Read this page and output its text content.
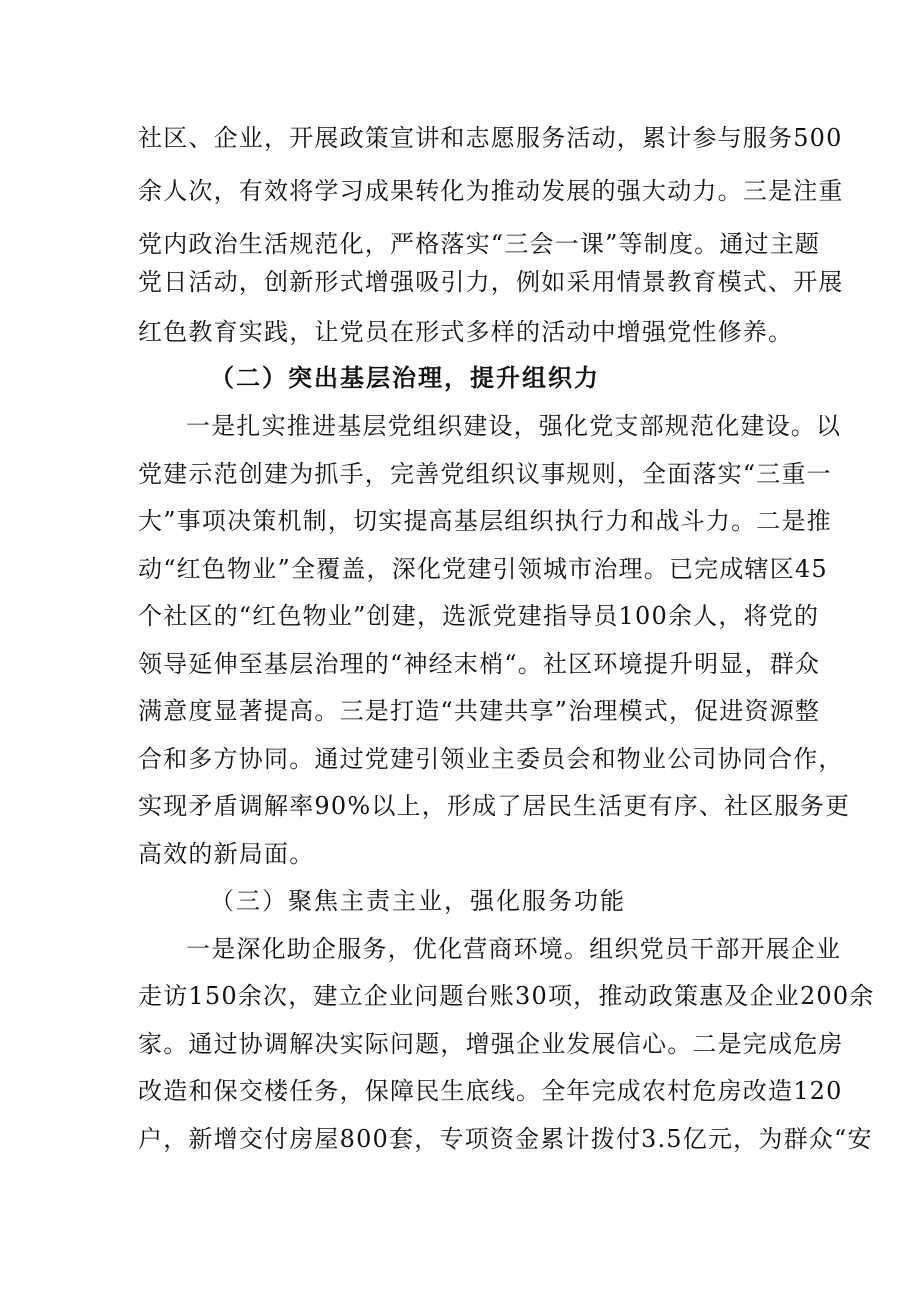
社区、企业，开展政策宣讲和志愿服务活动，累计参与服务500
余人次，有效将学习成果转化为推动发展的强大动力。三是注重
党内政治生活规范化，严格落实“三会一课”等制度。通过主题
党日活动，创新形式增强吸引力，例如采用情景教育模式、开展
红色教育实践，让党员在形式多样的活动中增强党性修养。
（二）突出基层治理，提升组织力
一是扎实推进基层党组织建设，强化党支部规范化建设。以
党建示范创建为抓手，完善党组织议事规则，全面落实“三重一
大”事项决策机制，切实提高基层组织执行力和战斗力。二是推
动“红色物业”全覆盖，深化党建引领城市治理。已完成辖区45
个社区的“红色物业”创建，选派党建指导员100余人，将党的
领导延伸至基层治理的“神经末梢“。社区环境提升明显，群众
满意度显著提高。三是打造“共建共享”治理模式，促进资源整
合和多方协同。通过党建引领业主委员会和物业公司协同合作，
实现矛盾调解率90%以上，形成了居民生活更有序、社区服务更
高效的新局面。
（三）聚焦主责主业，强化服务功能
一是深化助企服务，优化营商环境。组织党员干部开展企业
走访150余次，建立企业问题台账30项，推动政策惠及企业200余
家。通过协调解决实际问题，增强企业发展信心。二是完成危房
改造和保交楼任务，保障民生底线。全年完成农村危房改造120
户，新增交付房屋800套，专项资金累计拨付3.5亿元，为群众“安
